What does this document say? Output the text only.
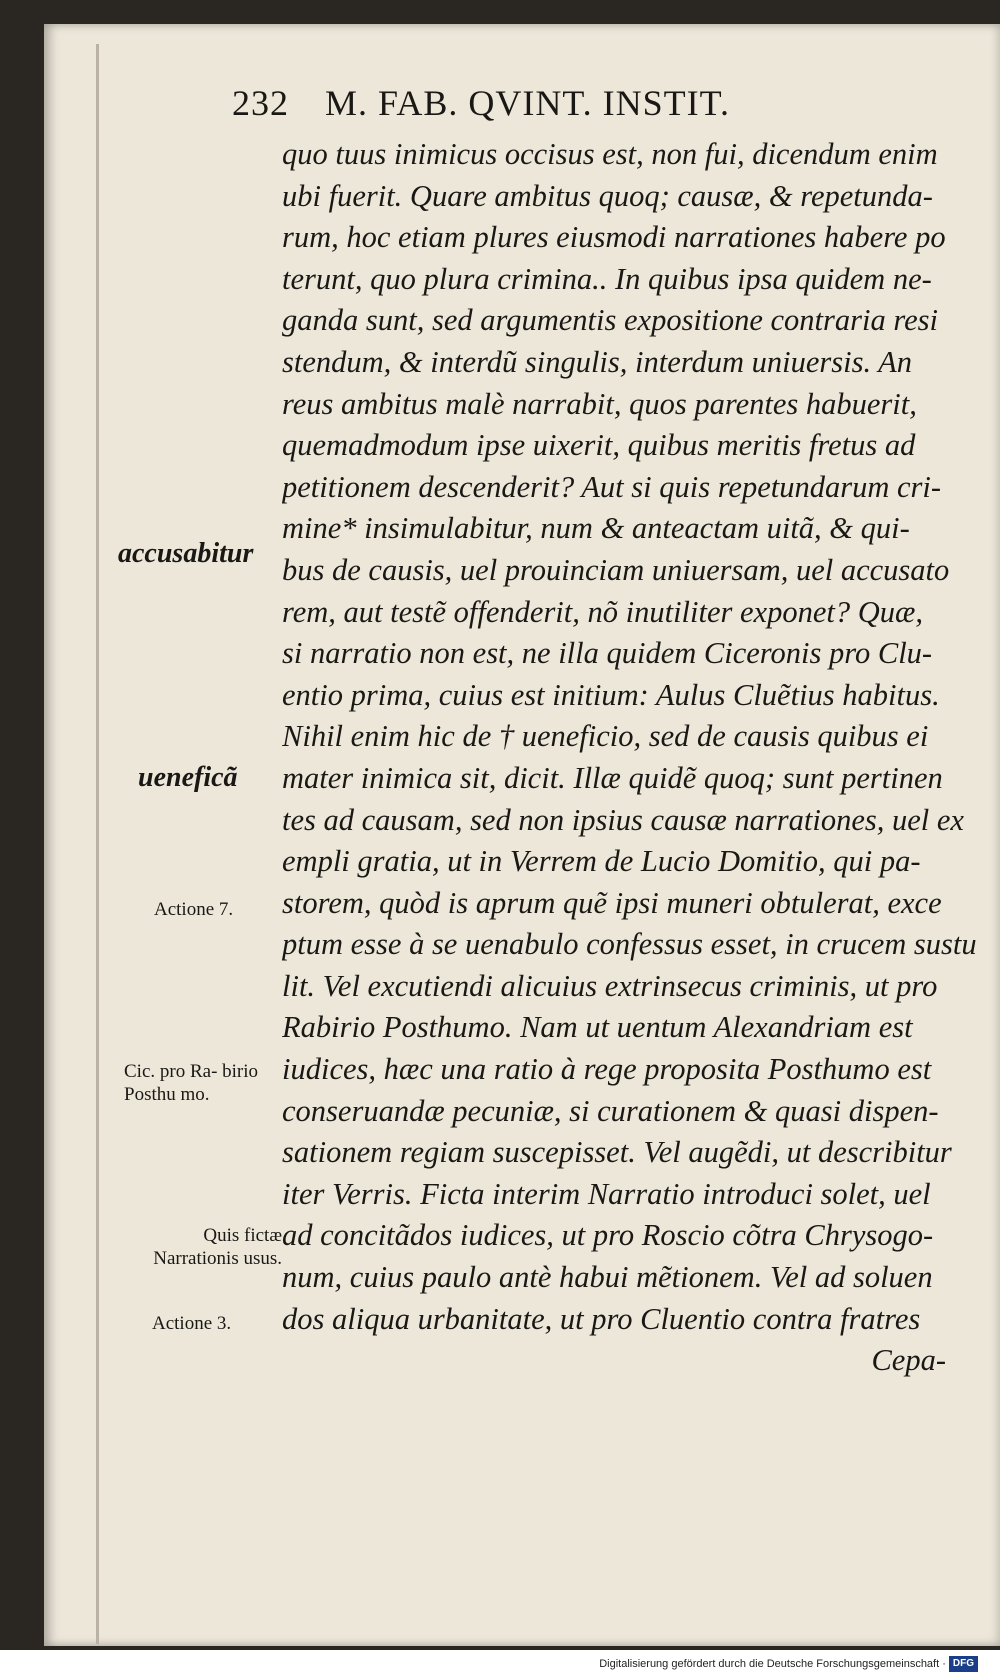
232 M. FAB. QVINT. INSTIT.
quo tuus inimicus occisus est, non fui, dicendum enim
ubi fuerit. Quare ambitus quoq; causæ, & repetunda-
rum, hoc etiam plures eiusmodi narrationes habere po
terunt, quo plura crimina.. In quibus ipsa quidem ne-
ganda sunt, sed argumentis expositione contraria resi
stendum, & interdũ singulis, interdum uniuersis. An
reus ambitus malè narrabit, quos parentes habuerit,
quemadmodum ipse uixerit, quibus meritis fretus ad
petitionem descenderit? Aut si quis repetundarum cri-
mine* insimulabitur, num & anteactam uitã, & qui-
bus de causis, uel prouinciam uniuersam, uel accusato
rem, aut testẽ offenderit, nõ inutiliter exponet? Quæ,
si narratio non est, ne illa quidem Ciceronis pro Clu-
entio prima, cuius est initium: Aulus Cluẽtius habitus.
Nihil enim hic de † ueneficio, sed de causis quibus ei
mater inimica sit, dicit. Illæ quidẽ quoq; sunt pertinen
tes ad causam, sed non ipsius causæ narrationes, uel ex
empli gratia, ut in Verrem de Lucio Domitio, qui pa-
storem, quòd is aprum quẽ ipsi muneri obtulerat, exce
ptum esse à se uenabulo confessus esset, in crucem sustu
lit. Vel excutiendi alicuius extrinsecus criminis, ut pro
Rabirio Posthumo. Nam ut uentum Alexandriam est
iudices, hæc una ratio à rege proposita Posthumo est
conseruandæ pecuniæ, si curationem & quasi dispen-
sationem regiam suscepisset. Vel augẽdi, ut describitur
iter Verris. Ficta interim Narratio introduci solet, uel
ad concitãdos iudices, ut pro Roscio cõtra Chrysogo-
num, cuius paulo antè habui mẽtionem. Vel ad soluen
dos aliqua urbanitate, ut pro Cluentio contra fratres
Cepa-
accusabitur
ueneficã
Actione 7.
Cic. pro Ra- birio Posthu mo.
Quis fictæ Narrationis usus.
Actione 3.
Digitalisierung gefördert durch die Deutsche Forschungsgemeinschaft · DFG
